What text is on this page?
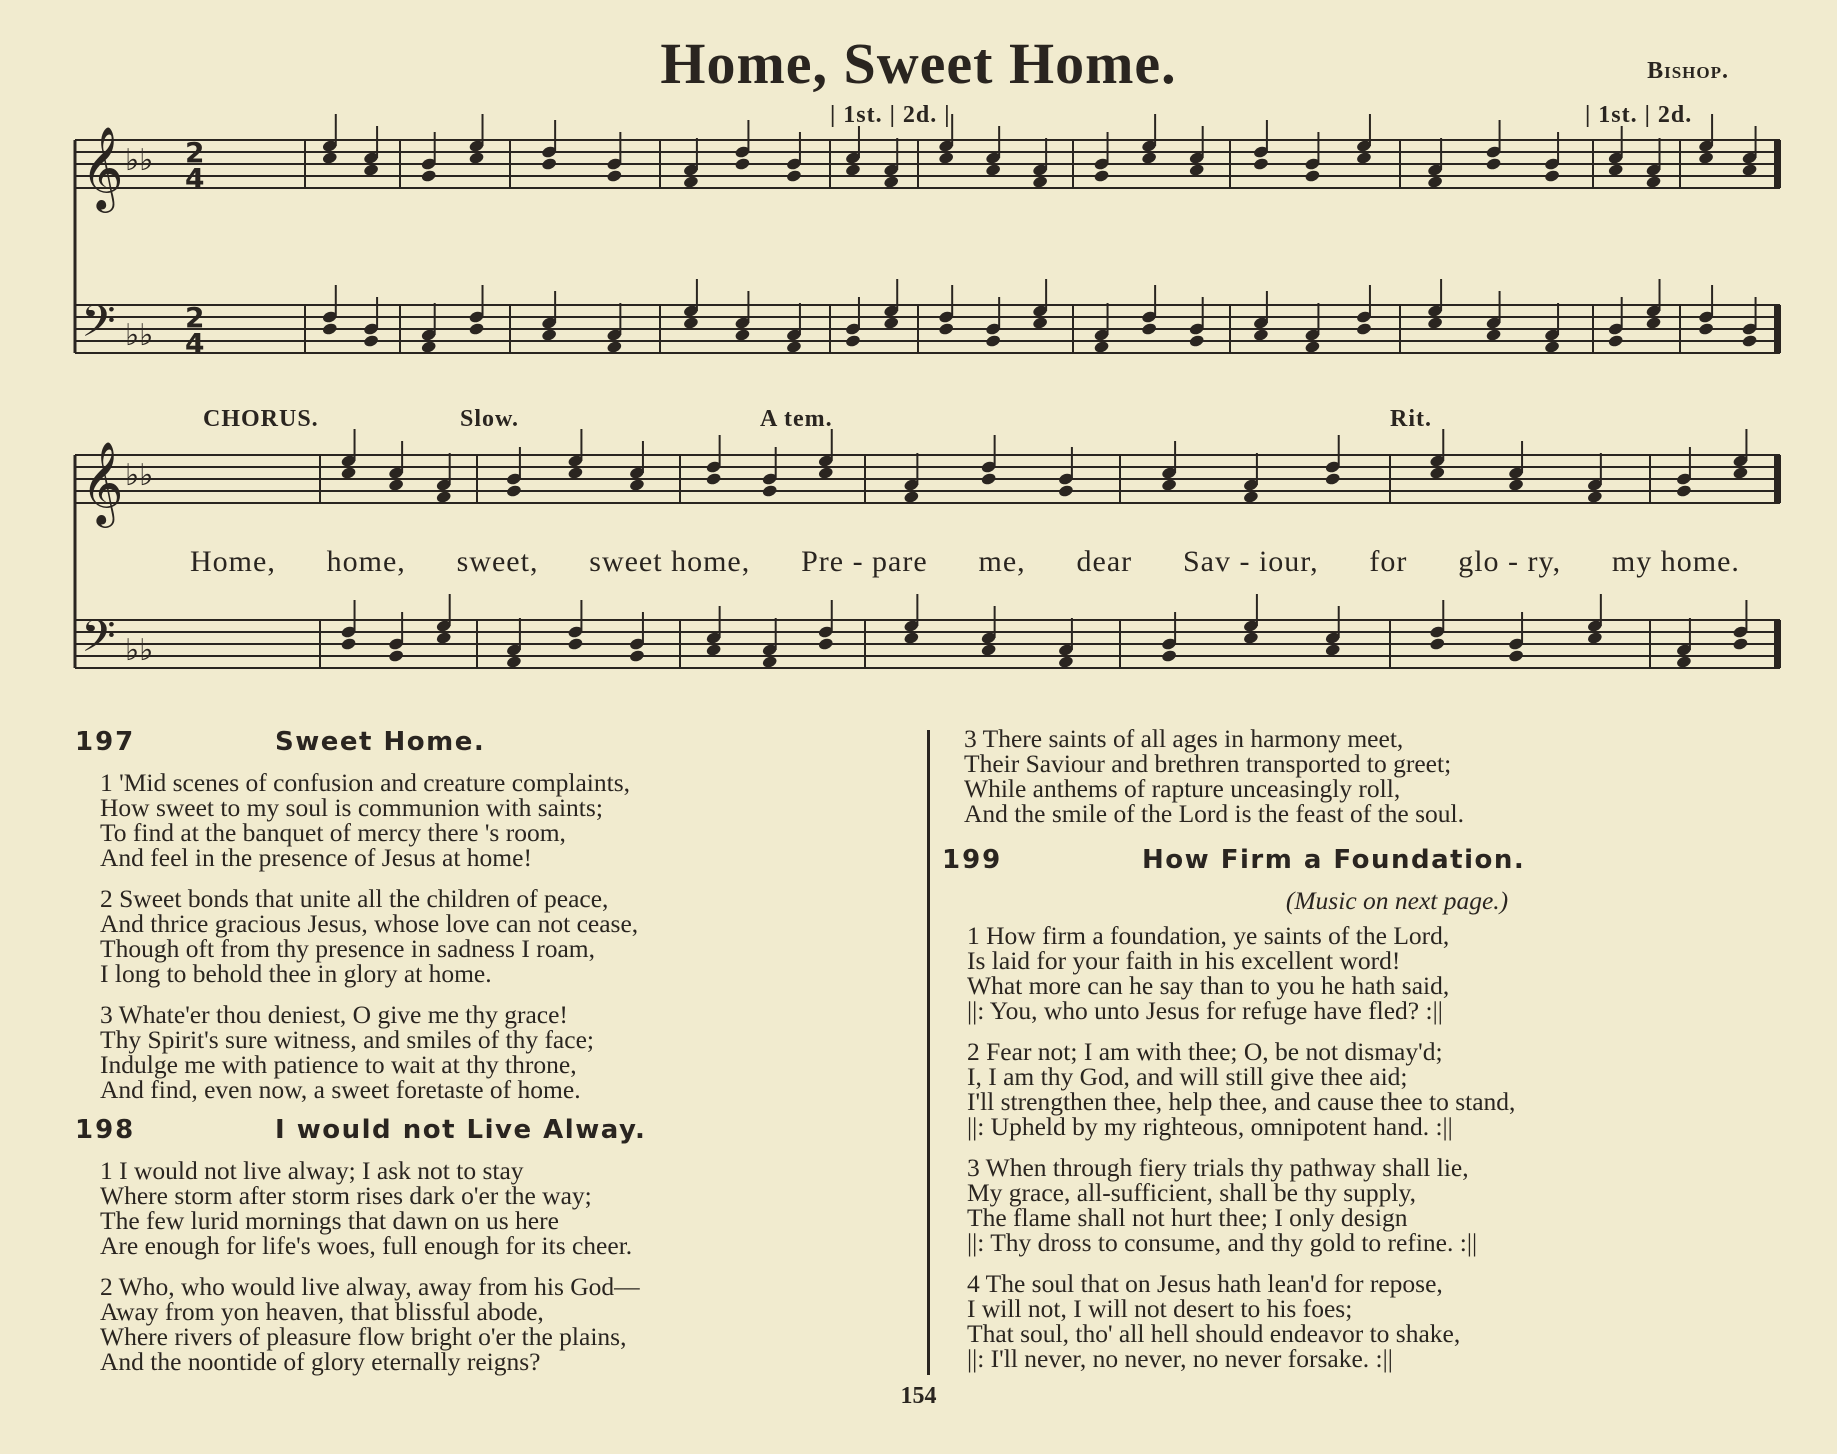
Home, Sweet Home.	Bishop.
𝄞 ♭♭ 2
4
𝄢 ♭♭
2
4
𝄞 ♭♭
𝄢 ♭♭
| 1st. | 2d. |	| 1st. | 2d.
CHORUS.	Slow.	A tem.	Rit.
Home, home, sweet, sweet home, Pre - pare me, dear Sav - iour, for glo - ry, my home.
197	Sweet Home.
1 'Mid scenes of confusion and creature complaints,
How sweet to my soul is communion with saints;
To find at the banquet of mercy there 's room,
And feel in the presence of Jesus at home!
2 Sweet bonds that unite all the children of peace,
And thrice gracious Jesus, whose love can not cease,
Though oft from thy presence in sadness I roam,
I long to behold thee in glory at home.
3 Whate'er thou deniest, O give me thy grace!
Thy Spirit's sure witness, and smiles of thy face;
Indulge me with patience to wait at thy throne,
And find, even now, a sweet foretaste of home.
198	I would not Live Alway.
1 I would not live alway; I ask not to stay
Where storm after storm rises dark o'er the way;
The few lurid mornings that dawn on us here
Are enough for life's woes, full enough for its cheer.
2 Who, who would live alway, away from his God—
Away from yon heaven, that blissful abode,
Where rivers of pleasure flow bright o'er the plains,
And the noontide of glory eternally reigns?
3 There saints of all ages in harmony meet,
Their Saviour and brethren transported to greet;
While anthems of rapture unceasingly roll,
And the smile of the Lord is the feast of the soul.
199	How Firm a Foundation.
(Music on next page.)
1 How firm a foundation, ye saints of the Lord,
Is laid for your faith in his excellent word!
What more can he say than to you he hath said,
||: You, who unto Jesus for refuge have fled? :||
2 Fear not; I am with thee; O, be not dismay'd;
I, I am thy God, and will still give thee aid;
I'll strengthen thee, help thee, and cause thee to stand,
||: Upheld by my righteous, omnipotent hand. :||
3 When through fiery trials thy pathway shall lie,
My grace, all-sufficient, shall be thy supply,
The flame shall not hurt thee; I only design
||: Thy dross to consume, and thy gold to refine. :||
4 The soul that on Jesus hath lean'd for repose,
I will not, I will not desert to his foes;
That soul, tho' all hell should endeavor to shake,
||: I'll never, no never, no never forsake. :||
154
